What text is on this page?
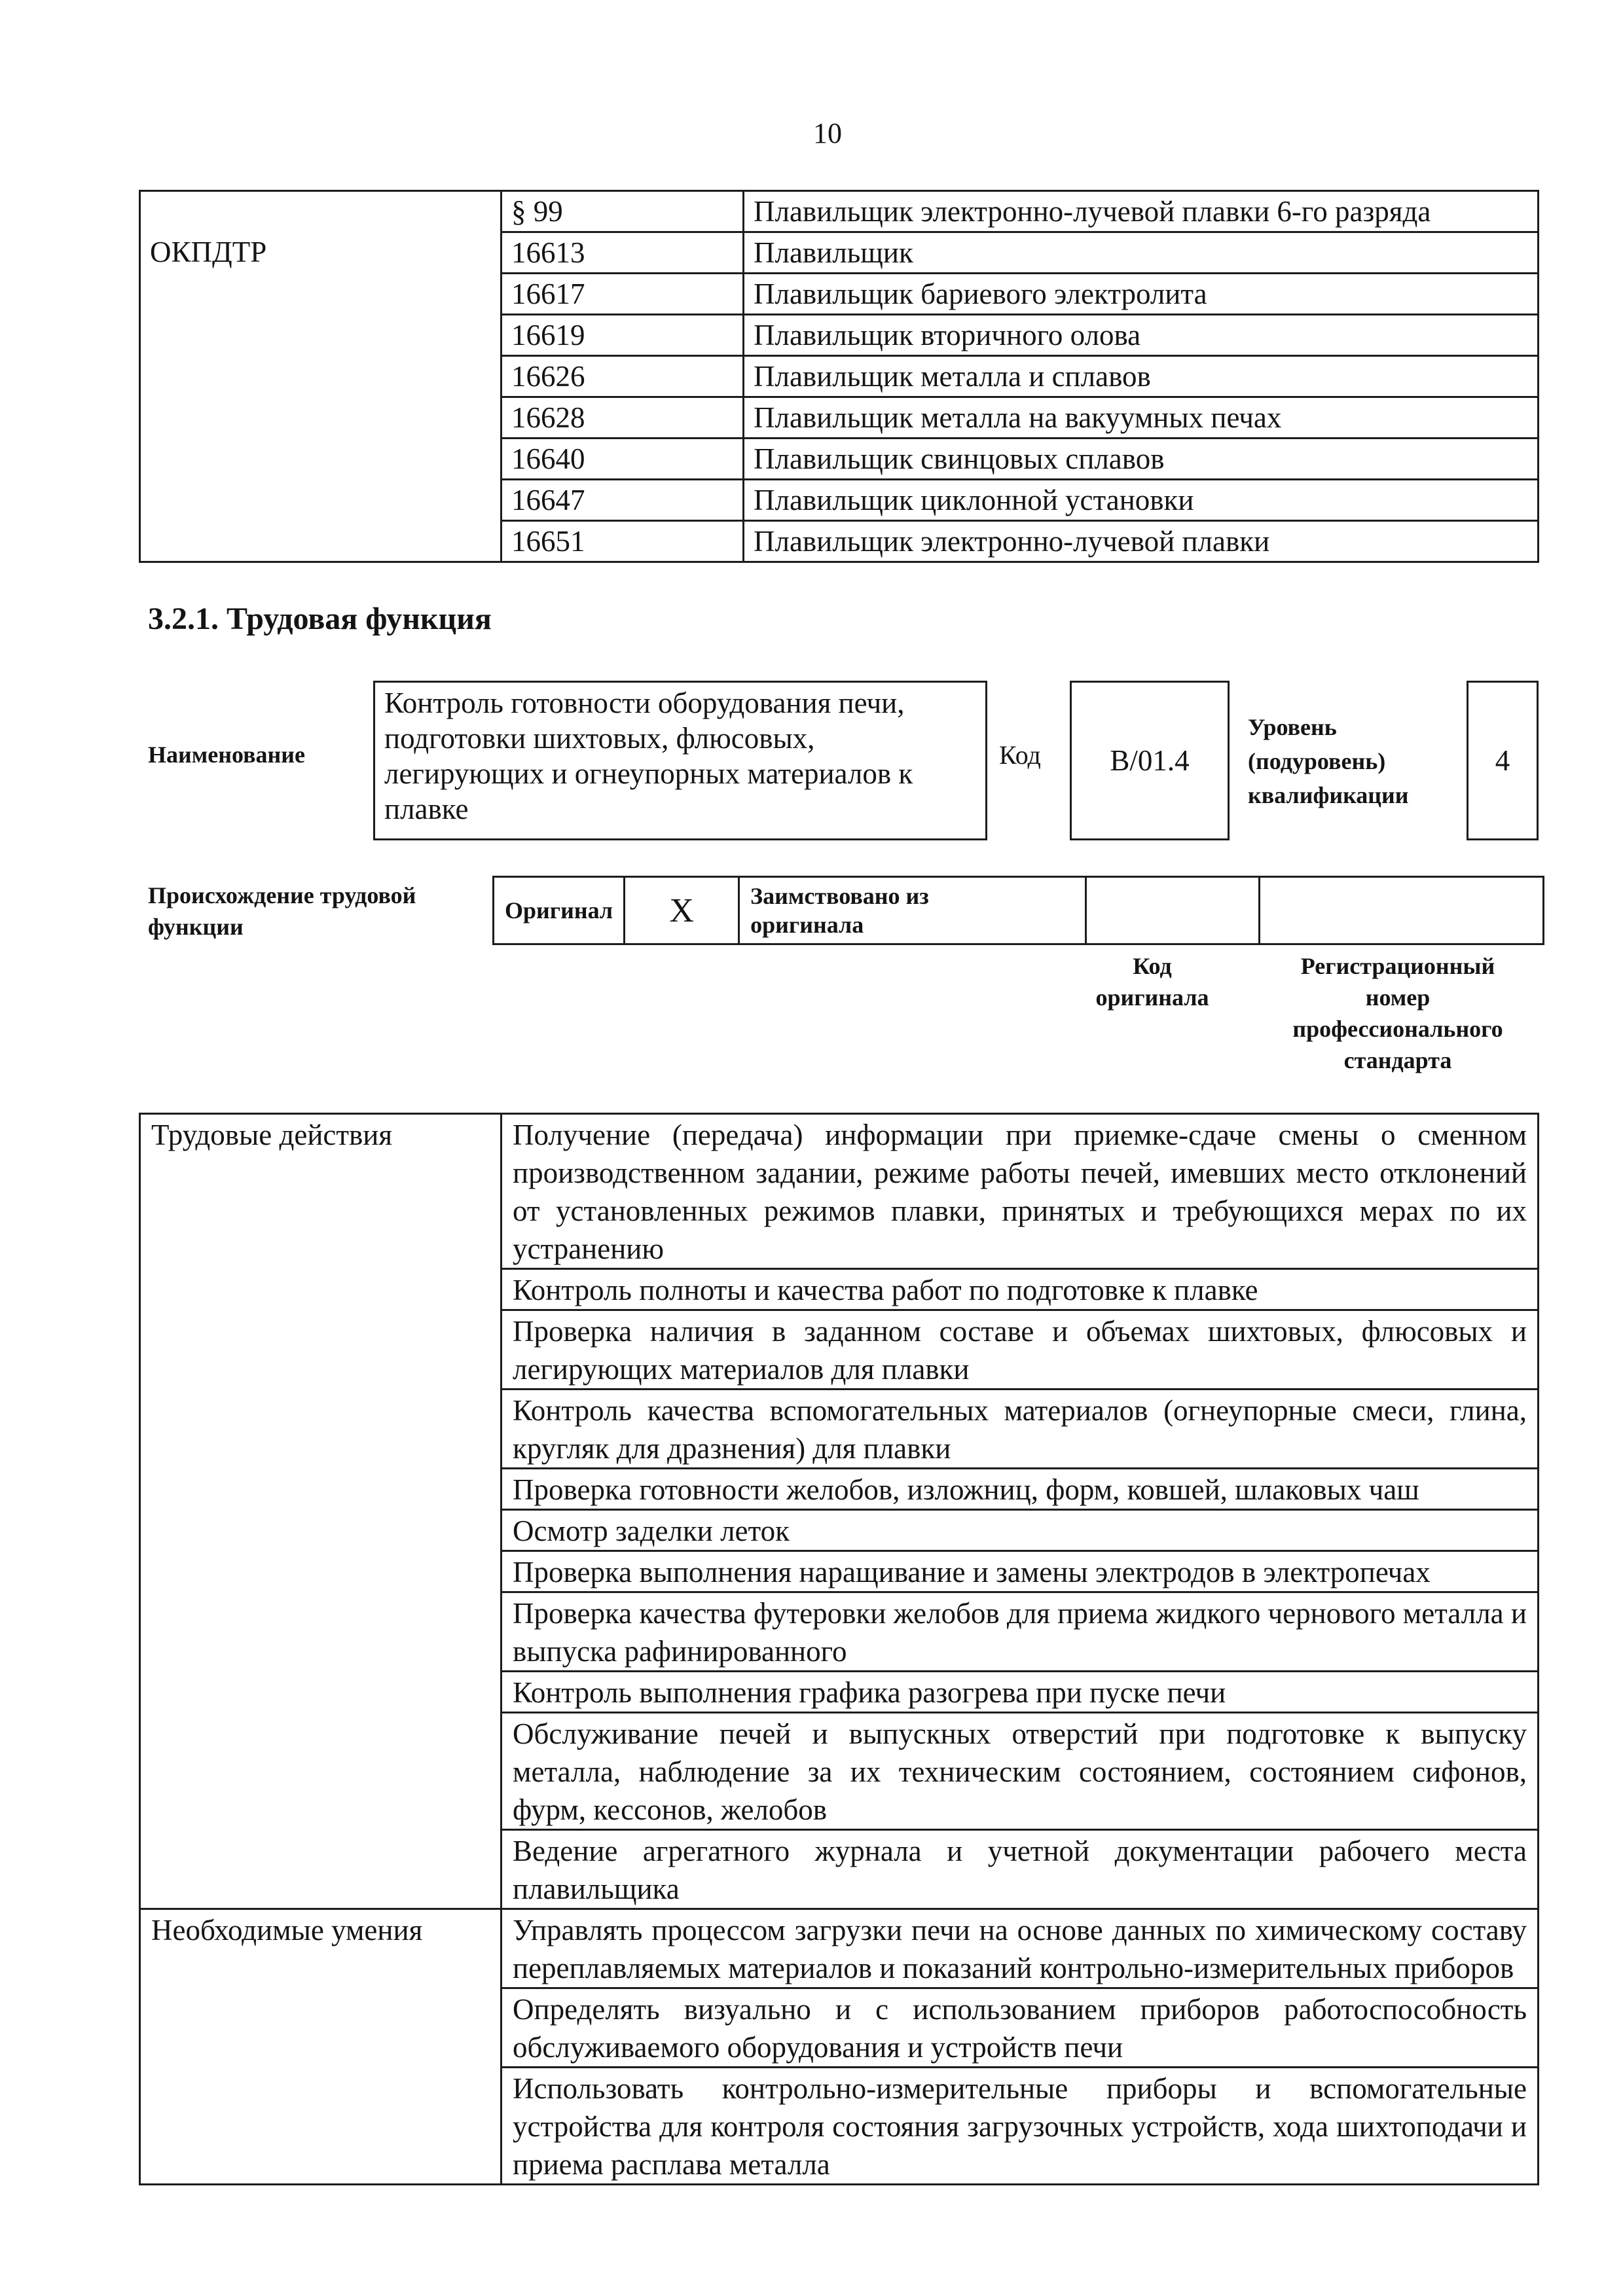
10
	§ 99	Плавильщик электронно-лучевой плавки 6-го разряда
ОКПДТР	16613	Плавильщик
	16617	Плавильщик бариевого электролита
	16619	Плавильщик вторичного олова
	16626	Плавильщик металла и сплавов
	16628	Плавильщик металла на вакуумных печах
	16640	Плавильщик свинцовых сплавов
	16647	Плавильщик циклонной установки
	16651	Плавильщик электронно-лучевой плавки
3.2.1. Трудовая функция
Наименование
Контроль готовности оборудования печи, подготовки шихтовых, флюсовых, легирующих и огнеупорных материалов к плавке
Код B/01.4
Уровень
(подуровень)
квалификации
4
Происхождение трудовой
функции
Оригинал	X	Заимствовано из
оригинала

Код
оригинала
Регистрационный
номер
профессионального
стандарта
Трудовые действия	Получение (передача) информации при приемке-сдаче смены о сменном производственном задании, режиме работы печей, имевших место отклонений от установленных режимов плавки, принятых и требующихся мерах по их устранению
	Контроль полноты и качества работ по подготовке к плавке
	Проверка наличия в заданном составе и объемах шихтовых, флюсовых и легирующих материалов для плавки
	Контроль качества вспомогательных материалов (огнеупорные смеси, глина, кругляк для дразнения) для плавки
	Проверка готовности желобов, изложниц, форм, ковшей, шлаковых чаш
	Осмотр заделки леток
	Проверка выполнения наращивание и замены электродов в электропечах
	Проверка качества футеровки желобов для приема жидкого чернового металла и выпуска рафинированного
	Контроль выполнения графика разогрева при пуске печи
	Обслуживание печей и выпускных отверстий при подготовке к выпуску металла, наблюдение за их техническим состоянием, состоянием сифонов, фурм, кессонов, желобов
	Ведение агрегатного журнала и учетной документации рабочего места плавильщика
Необходимые умения	Управлять процессом загрузки печи на основе данных по химическому составу переплавляемых материалов и показаний контрольно-измерительных приборов
	Определять визуально и с использованием приборов работоспособность обслуживаемого оборудования и устройств печи
	Использовать контрольно-измерительные приборы и вспомогательные устройства для контроля состояния загрузочных устройств, хода шихтоподачи и приема расплава металла
